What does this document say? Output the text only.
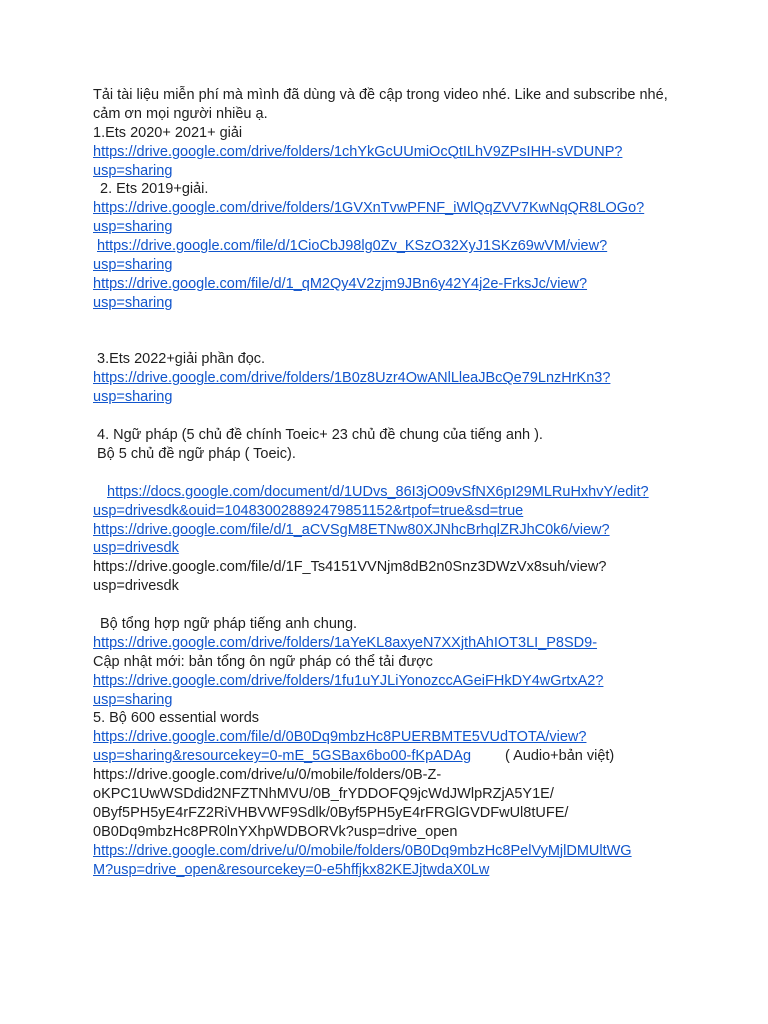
Tải tài liệu miễn phí mà mình đã dùng và đề cập trong video nhé. Like and subscribe nhé,
cảm ơn mọi người nhiều ạ.
1.Ets 2020+ 2021+ giải
https://drive.google.com/drive/folders/1chYkGcUUmiOcQtILhV9ZPsIHH-sVDUNP?
usp=sharing
2. Ets 2019+giải.
https://drive.google.com/drive/folders/1GVXnTvwPFNF_iWlQqZVV7KwNqQR8LOGo?
usp=sharing
https://drive.google.com/file/d/1CioCbJ98lg0Zv_KSzO32XyJ1SKz69wVM/view?
usp=sharing
https://drive.google.com/file/d/1_qM2Qy4V2zjm9JBn6y42Y4j2e-FrksJc/view?
usp=sharing
3.Ets 2022+giải phần đọc.
https://drive.google.com/drive/folders/1B0z8Uzr4OwANlLleaJBcQe79LnzHrKn3?
usp=sharing
4. Ngữ pháp (5 chủ đề chính Toeic+ 23 chủ đề chung của tiếng anh ).
Bộ 5 chủ đề ngữ pháp ( Toeic).
https://docs.google.com/document/d/1UDvs_86I3jO09vSfNX6pI29MLRuHxhvY/edit?
usp=drivesdk&ouid=104830028892479851152&rtpof=true&sd=true
https://drive.google.com/file/d/1_aCVSgM8ETNw80XJNhcBrhqlZRJhC0k6/view?
usp=drivesdk
https://drive.google.com/file/d/1F_Ts4151VVNjm8dB2n0Snz3DWzVx8suh/view?
usp=drivesdk
Bộ tổng hợp ngữ pháp tiếng anh chung.
https://drive.google.com/drive/folders/1aYeKL8axyeN7XXjthAhIOT3LI_P8SD9-
Cập nhật mới: bản tổng ôn ngữ pháp có thể tải được
https://drive.google.com/drive/folders/1fu1uYJLiYonozccAGeiFHkDY4wGrtxA2?
usp=sharing
5. Bộ 600 essential words
https://drive.google.com/file/d/0B0Dq9mbzHc8PUERBMTE5VUdTOTA/view?
usp=sharing&resourcekey=0-mE_5GSBax6bo00-fKpADAg ( Audio+bản việt)
https://drive.google.com/drive/u/0/mobile/folders/0B-Z-
oKPC1UwWSDdid2NFZTNhMVU/0B_frYDDOFQ9jcWdJWlpRZjA5Y1E/
0Byf5PH5yE4rFZ2RiVHBVWF9Sdlk/0Byf5PH5yE4rFRGlGVDFwUl8tUFE/
0B0Dq9mbzHc8PR0lnYXhpWDBORVk?usp=drive_open
https://drive.google.com/drive/u/0/mobile/folders/0B0Dq9mbzHc8PelVyMjlDMUltWG
M?usp=drive_open&resourcekey=0-e5hffjkx82KEJjtwdaX0Lw
